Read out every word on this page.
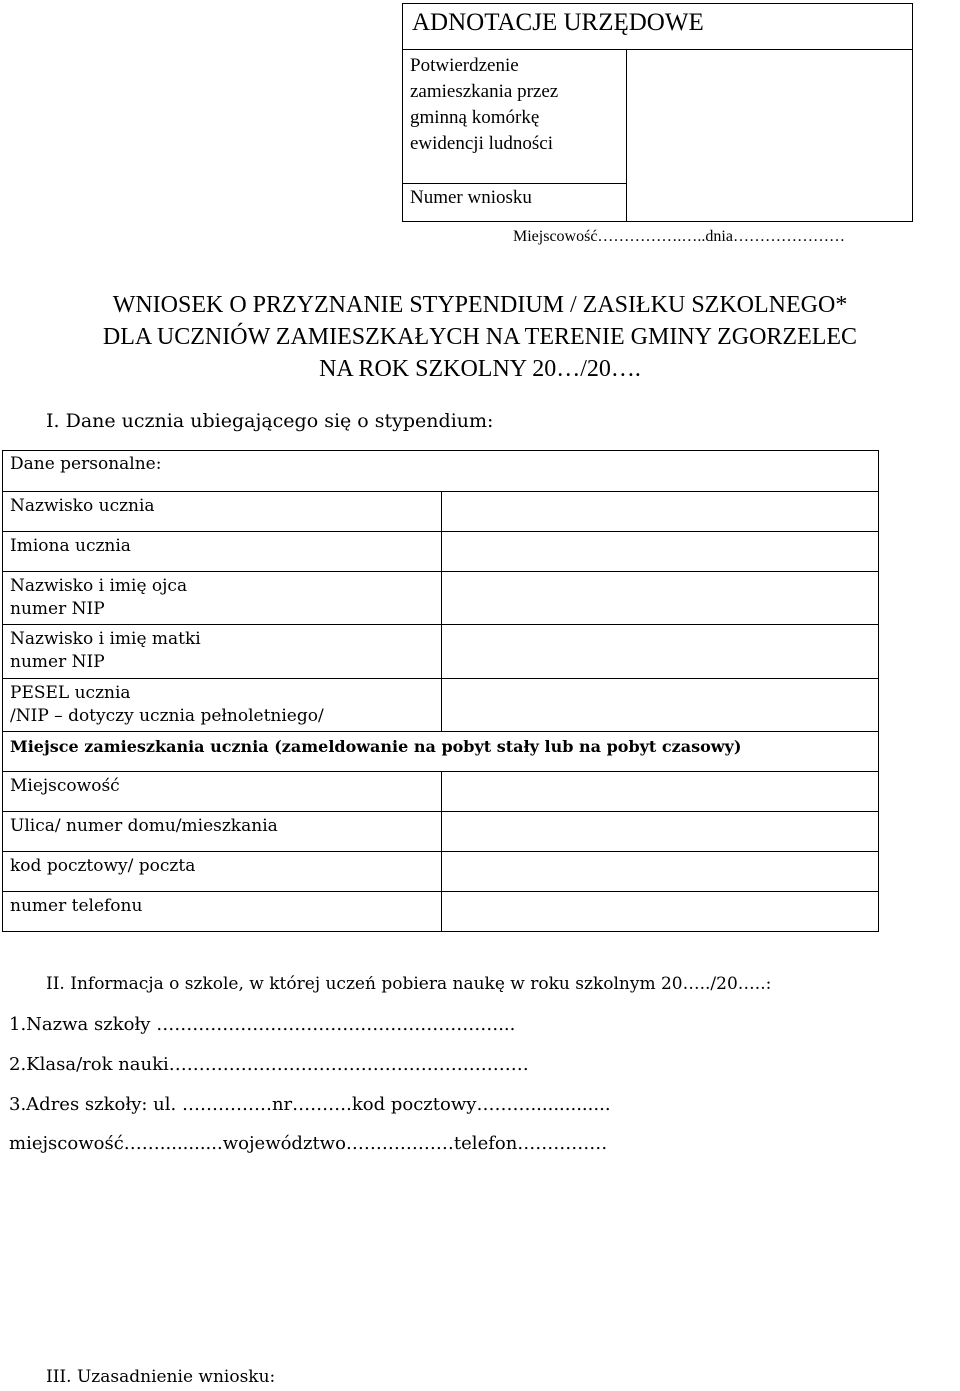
ADNOTACJE URZĘDOWE
Potwierdzenie
zamieszkania przez
gminną komórkę
ewidencji ludności
Numer wniosku
Miejscowość…………….…..dnia…………………
WNIOSEK O PRZYZNANIE STYPENDIUM / ZASIŁKU SZKOLNEGO*
DLA UCZNIÓW ZAMIESZKAŁYCH NA TERENIE GMINY ZGORZELEC
NA ROK SZKOLNY 20…/20….
I. Dane ucznia ubiegającego się o stypendium:
Dane personalne:
Nazwisko ucznia
Imiona ucznia
Nazwisko i imię ojca
numer NIP
Nazwisko i imię matki
numer NIP
PESEL ucznia
/NIP – dotyczy ucznia pełnoletniego/
Miejsce zamieszkania ucznia (zameldowanie na pobyt stały lub na pobyt czasowy)
Miejscowość
Ulica/ numer domu/mieszkania
kod pocztowy/ poczta
numer telefonu
II. Informacja o szkole, w której uczeń pobiera naukę w roku szkolnym 20…../20…..:
1.Nazwa szkoły …………………………………………………...
2.Klasa/rok nauki……………………………………………………
3.Adres szkoły: ul. ……………nr……….kod pocztowy………..............
miejscowość……...........województwo………………telefon……………
III. Uzasadnienie wniosku:
